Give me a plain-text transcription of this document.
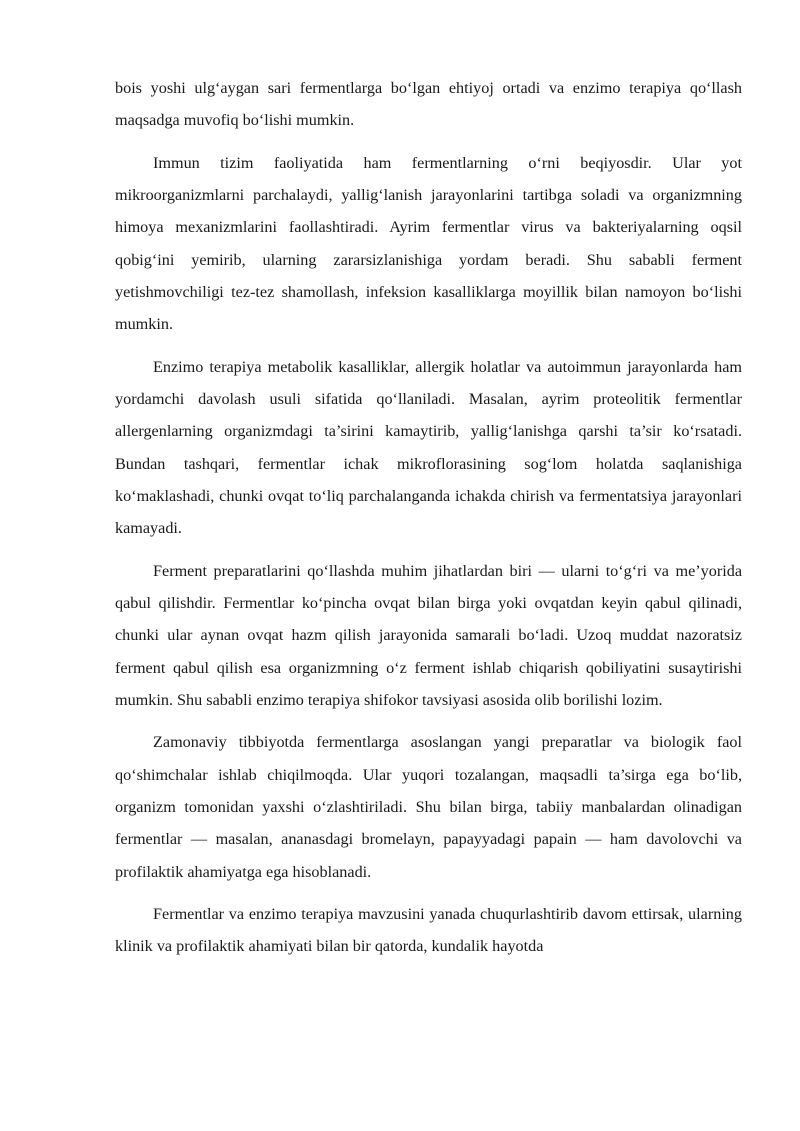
bois yoshi ulg‘aygan sari fermentlarga bo‘lgan ehtiyoj ortadi va enzimo terapiya qo‘llash maqsadga muvofiq bo‘lishi mumkin.

Immun tizim faoliyatida ham fermentlarning o‘rni beqiyosdir. Ular yot mikroorganizmlarni parchalaydi, yallig‘lanish jarayonlarini tartibga soladi va organizmning himoya mexanizmlarini faollashtiradi. Ayrim fermentlar virus va bakteriyalarning oqsil qobig‘ini yemirib, ularning zararsizlanishiga yordam beradi. Shu sababli ferment yetishmovchiligi tez-tez shamollash, infeksion kasalliklarga moyillik bilan namoyon bo‘lishi mumkin.

Enzimo terapiya metabolik kasalliklar, allergik holatlar va autoimmun jarayonlarda ham yordamchi davolash usuli sifatida qo‘llaniladi. Masalan, ayrim proteolitik fermentlar allergenlarning organizmdagi ta’sirini kamaytirib, yallig‘lanishga qarshi ta’sir ko‘rsatadi. Bundan tashqari, fermentlar ichak mikroflorasining sog‘lom holatda saqlanishiga ko‘maklashadi, chunki ovqat to‘liq parchalanganda ichakda chirish va fermentatsiya jarayonlari kamayadi.

Ferment preparatlarini qo‘llashda muhim jihatlardan biri — ularni to‘g‘ri va me’yorida qabul qilishdir. Fermentlar ko‘pincha ovqat bilan birga yoki ovqatdan keyin qabul qilinadi, chunki ular aynan ovqat hazm qilish jarayonida samarali bo‘ladi. Uzoq muddat nazoratsiz ferment qabul qilish esa organizmning o‘z ferment ishlab chiqarish qobiliyatini susaytirishi mumkin. Shu sababli enzimo terapiya shifokor tavsiyasi asosida olib borilishi lozim.

Zamonaviy tibbiyotda fermentlarga asoslangan yangi preparatlar va biologik faol qo‘shimchalar ishlab chiqilmoqda. Ular yuqori tozalangan, maqsadli ta’sirga ega bo‘lib, organizm tomonidan yaxshi o‘zlashtiriladi. Shu bilan birga, tabiiy manbalardan olinadigan fermentlar — masalan, ananasdagi bromelayn, papayyadagi papain — ham davolovchi va profilaktik ahamiyatga ega hisoblanadi.

Fermentlar va enzimo terapiya mavzusini yanada chuqurlashtirib davom ettirsak, ularning klinik va profilaktik ahamiyati bilan bir qatorda, kundalik hayotda
